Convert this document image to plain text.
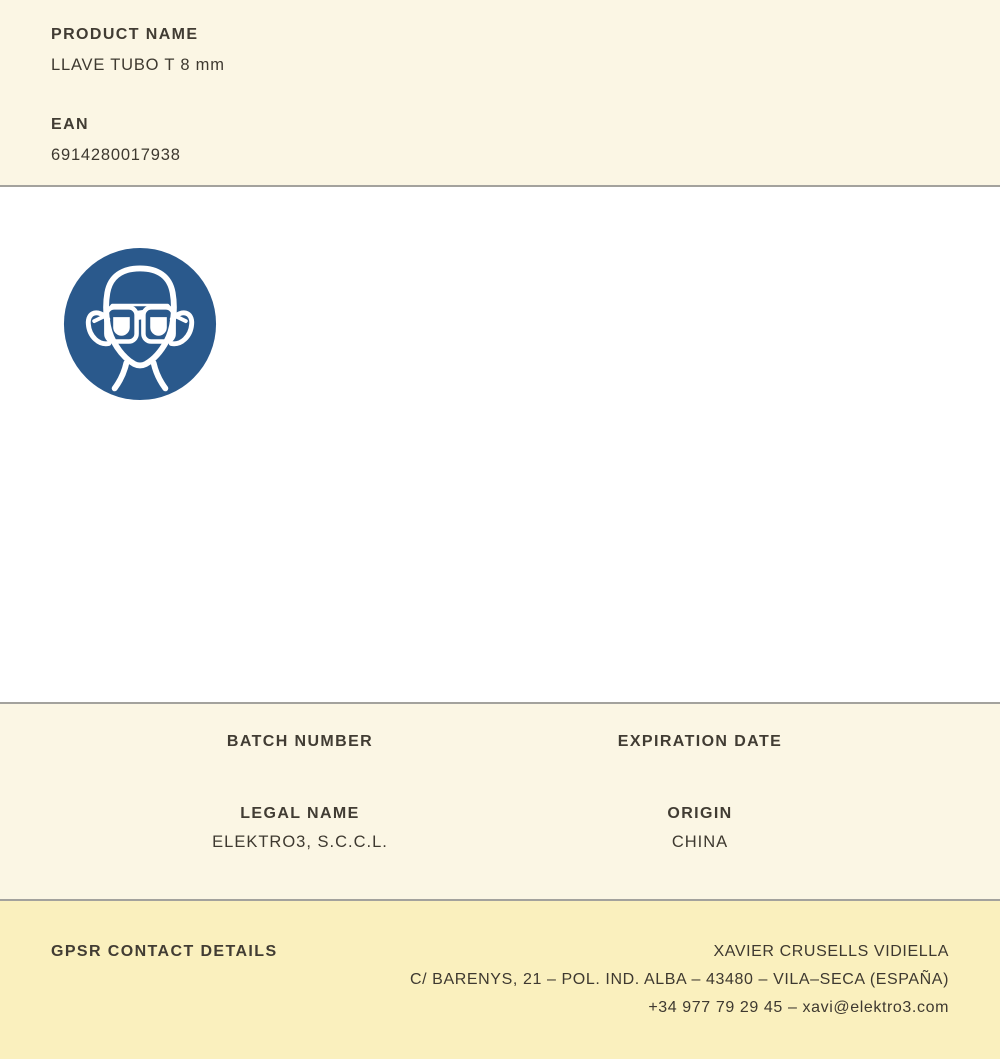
PRODUCT NAME
LLAVE TUBO T 8 mm
EAN
6914280017938
BATCH NUMBER	EXPIRATION DATE
LEGAL NAME
ELEKTRO3, S.C.C.L.
ORIGIN
CHINA
GPSR CONTACT DETAILS	XAVIER CRUSELLS VIDIELLA
C/ BARENYS, 21 – POL. IND. ALBA – 43480 – VILA–SECA (ESPAÑA)
+34 977 79 29 45 – xavi@elektro3.com
